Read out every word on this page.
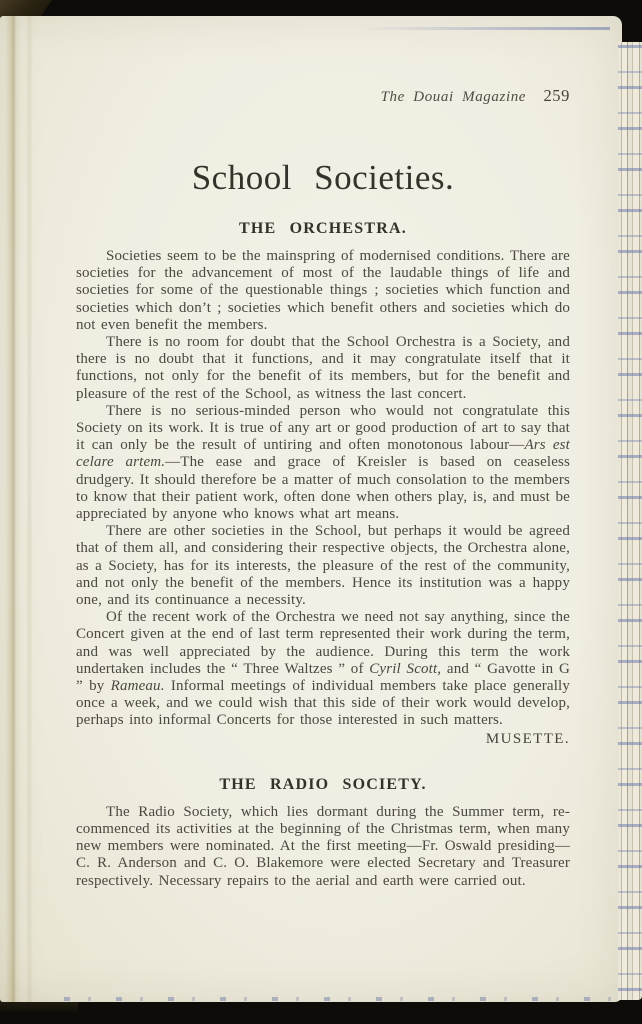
The Douai Magazine 259
School Societies.
THE ORCHESTRA.

Societies seem to be the mainspring of modernised conditions. There are societies for the advancement of most of the laudable things of life and societies for some of the questionable things ; societies which function and societies which don’t ; societies which benefit others and societies which do not even benefit the members.

There is no room for doubt that the School Orchestra is a Society, and there is no doubt that it functions, and it may congratulate itself that it functions, not only for the benefit of its members, but for the benefit and pleasure of the rest of the School, as witness the last concert.

There is no serious-minded person who would not congratulate this Society on its work. It is true of any art or good production of art to say that it can only be the result of untiring and often monotonous labour—Ars est celare artem.—The ease and grace of Kreisler is based on ceaseless drudgery. It should therefore be a matter of much consolation to the members to know that their patient work, often done when others play, is, and must be appreciated by anyone who knows what art means.

There are other societies in the School, but perhaps it would be agreed that of them all, and considering their respective objects, the Orchestra alone, as a Society, has for its interests, the pleasure of the rest of the community, and not only the benefit of the members. Hence its institution was a happy one, and its continuance a necessity.

Of the recent work of the Orchestra we need not say anything, since the Concert given at the end of last term represented their work during the term, and was well appreciated by the audience. During this term the work undertaken includes the “ Three Waltzes ” of Cyril Scott, and “ Gavotte in G ” by Rameau. Informal meetings of individual members take place generally once a week, and we could wish that this side of their work would develop, perhaps into informal Concerts for those interested in such matters.

MUSETTE.

THE RADIO SOCIETY.

The Radio Society, which lies dormant during the Summer term, re-commenced its activities at the beginning of the Christmas term, when many new members were nominated. At the first meeting—Fr. Oswald presiding—C. R. Anderson and C. O. Blakemore were elected Secretary and Treasurer respectively. Necessary repairs to the aerial and earth were carried out.
